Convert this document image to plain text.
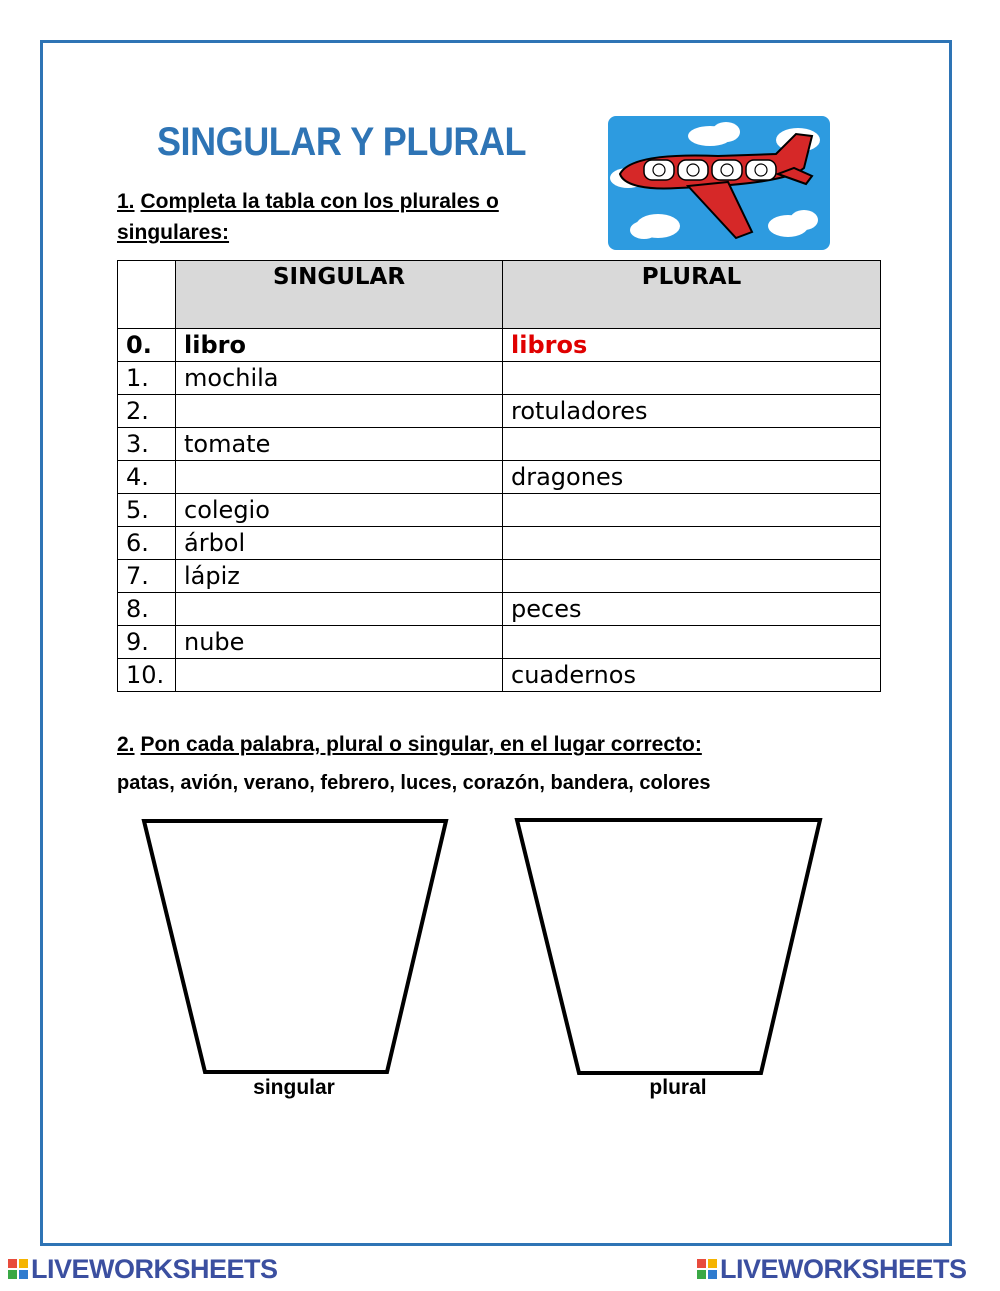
SINGULAR Y PLURAL

1. Completa la tabla con los plurales o singulares:

	SINGULAR	PLURAL
0.	libro	libros
1.	mochila	
2.		rotuladores
3.	tomate	
4.		dragones
5.	colegio	
6.	árbol	
7.	lápiz	
8.		peces
9.	nube	
10.		cuadernos

2. Pon cada palabra, plural o singular, en el lugar correcto:

patas, avión, verano, febrero, luces, corazón, bandera, colores

singular	plural

LIVEWORKSHEETS	LIVEWORKSHEETS
